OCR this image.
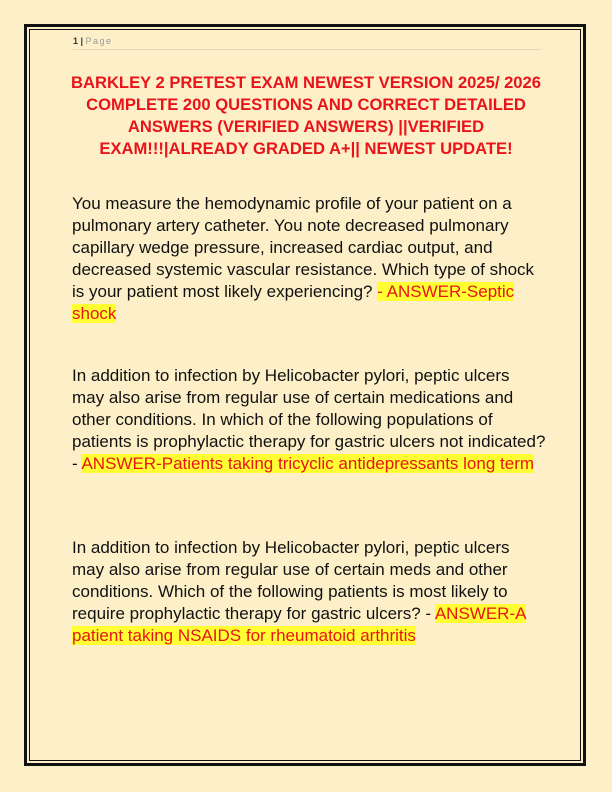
1 | Page
BARKLEY 2 PRETEST EXAM NEWEST VERSION 2025/ 2026 COMPLETE 200 QUESTIONS AND CORRECT DETAILED ANSWERS (VERIFIED ANSWERS) ||VERIFIED EXAM!!!|ALREADY GRADED A+|| NEWEST UPDATE!
You measure the hemodynamic profile of your patient on a pulmonary artery catheter. You note decreased pulmonary capillary wedge pressure, increased cardiac output, and decreased systemic vascular resistance. Which type of shock is your patient most likely experiencing? - ANSWER-Septic shock
In addition to infection by Helicobacter pylori, peptic ulcers may also arise from regular use of certain medications and other conditions. In which of the following populations of patients is prophylactic therapy for gastric ulcers not indicated? - ANSWER-Patients taking tricyclic antidepressants long term
In addition to infection by Helicobacter pylori, peptic ulcers may also arise from regular use of certain meds and other conditions. Which of the following patients is most likely to require prophylactic therapy for gastric ulcers? - ANSWER-A patient taking NSAIDS for rheumatoid arthritis
